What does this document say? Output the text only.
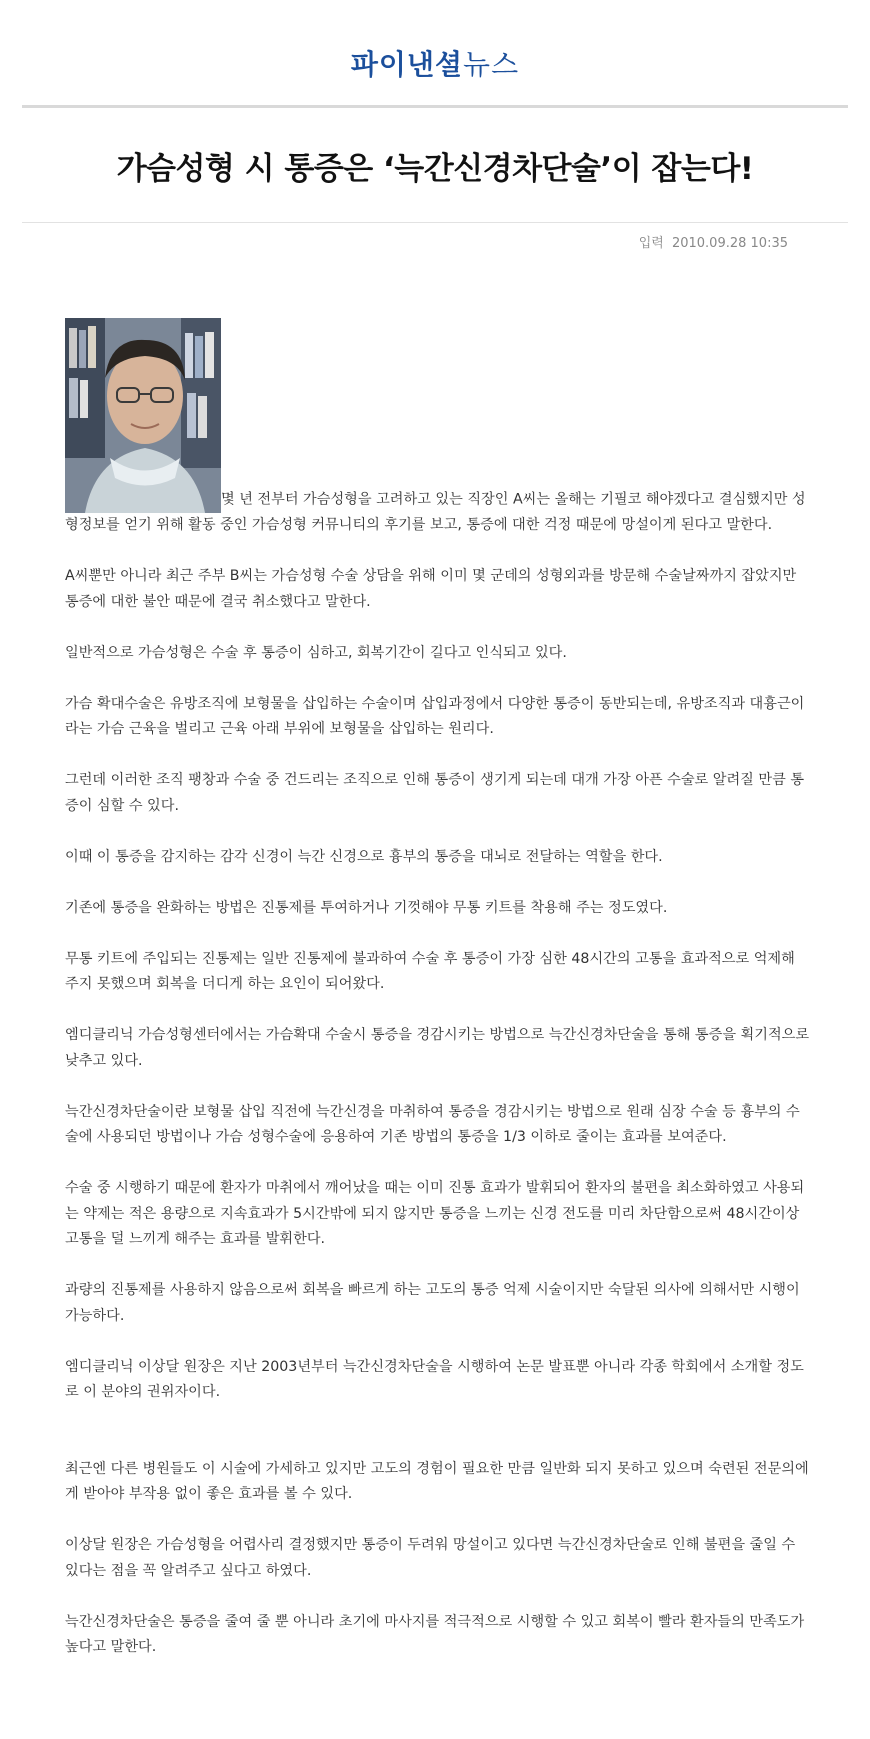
파이낸셜뉴스
가슴성형 시 통증은 ‘늑간신경차단술’이 잡는다!
입력 2010.09.28 10:35

몇 년 전부터 가슴성형을 고려하고 있는 직장인 A씨는 올해는 기필코 해야겠다고 결심했지만 성형정보를 얻기 위해 활동 중인 가슴성형 커뮤니티의 후기를 보고, 통증에 대한 걱정 때문에 망설이게 된다고 말한다.

A씨뿐만 아니라 최근 주부 B씨는 가슴성형 수술 상담을 위해 이미 몇 군데의 성형외과를 방문해 수술날짜까지 잡았지만 통증에 대한 불안 때문에 결국 취소했다고 말한다.

일반적으로 가슴성형은 수술 후 통증이 심하고, 회복기간이 길다고 인식되고 있다.

가슴 확대수술은 유방조직에 보형물을 삽입하는 수술이며 삽입과정에서 다양한 통증이 동반되는데, 유방조직과 대흉근이라는 가슴 근육을 벌리고 근육 아래 부위에 보형물을 삽입하는 원리다.

그런데 이러한 조직 팽창과 수술 중 건드리는 조직으로 인해 통증이 생기게 되는데 대개 가장 아픈 수술로 알려질 만큼 통증이 심할 수 있다.

이때 이 통증을 감지하는 감각 신경이 늑간 신경으로 흉부의 통증을 대뇌로 전달하는 역할을 한다.

기존에 통증을 완화하는 방법은 진통제를 투여하거나 기껏해야 무통 키트를 착용해 주는 정도였다.

무통 키트에 주입되는 진통제는 일반 진통제에 불과하여 수술 후 통증이 가장 심한 48시간의 고통을 효과적으로 억제해 주지 못했으며 회복을 더디게 하는 요인이 되어왔다.

엠디클리닉 가슴성형센터에서는 가슴확대 수술시 통증을 경감시키는 방법으로 늑간신경차단술을 통해 통증을 획기적으로 낮추고 있다.

늑간신경차단술이란 보형물 삽입 직전에 늑간신경을 마취하여 통증을 경감시키는 방법으로 원래 심장 수술 등 흉부의 수술에 사용되던 방법이나 가슴 성형수술에 응용하여 기존 방법의 통증을 1/3 이하로 줄이는 효과를 보여준다.

수술 중 시행하기 때문에 환자가 마취에서 깨어났을 때는 이미 진통 효과가 발휘되어 환자의 불편을 최소화하였고 사용되는 약제는 적은 용량으로 지속효과가 5시간밖에 되지 않지만 통증을 느끼는 신경 전도를 미리 차단함으로써 48시간이상 고통을 덜 느끼게 해주는 효과를 발휘한다.

과량의 진통제를 사용하지 않음으로써 회복을 빠르게 하는 고도의 통증 억제 시술이지만 숙달된 의사에 의해서만 시행이 가능하다.

엠디클리닉 이상달 원장은 지난 2003년부터 늑간신경차단술을 시행하여 논문 발표뿐 아니라 각종 학회에서 소개할 정도로 이 분야의 권위자이다.

최근엔 다른 병원들도 이 시술에 가세하고 있지만 고도의 경험이 필요한 만큼 일반화 되지 못하고 있으며 숙련된 전문의에게 받아야 부작용 없이 좋은 효과를 볼 수 있다.

이상달 원장은 가슴성형을 어렵사리 결정했지만 통증이 두려워 망설이고 있다면 늑간신경차단술로 인해 불편을 줄일 수 있다는 점을 꼭 알려주고 싶다고 하였다.

늑간신경차단술은 통증을 줄여 줄 뿐 아니라 초기에 마사지를 적극적으로 시행할 수 있고 회복이 빨라 환자들의 만족도가 높다고 말한다.
